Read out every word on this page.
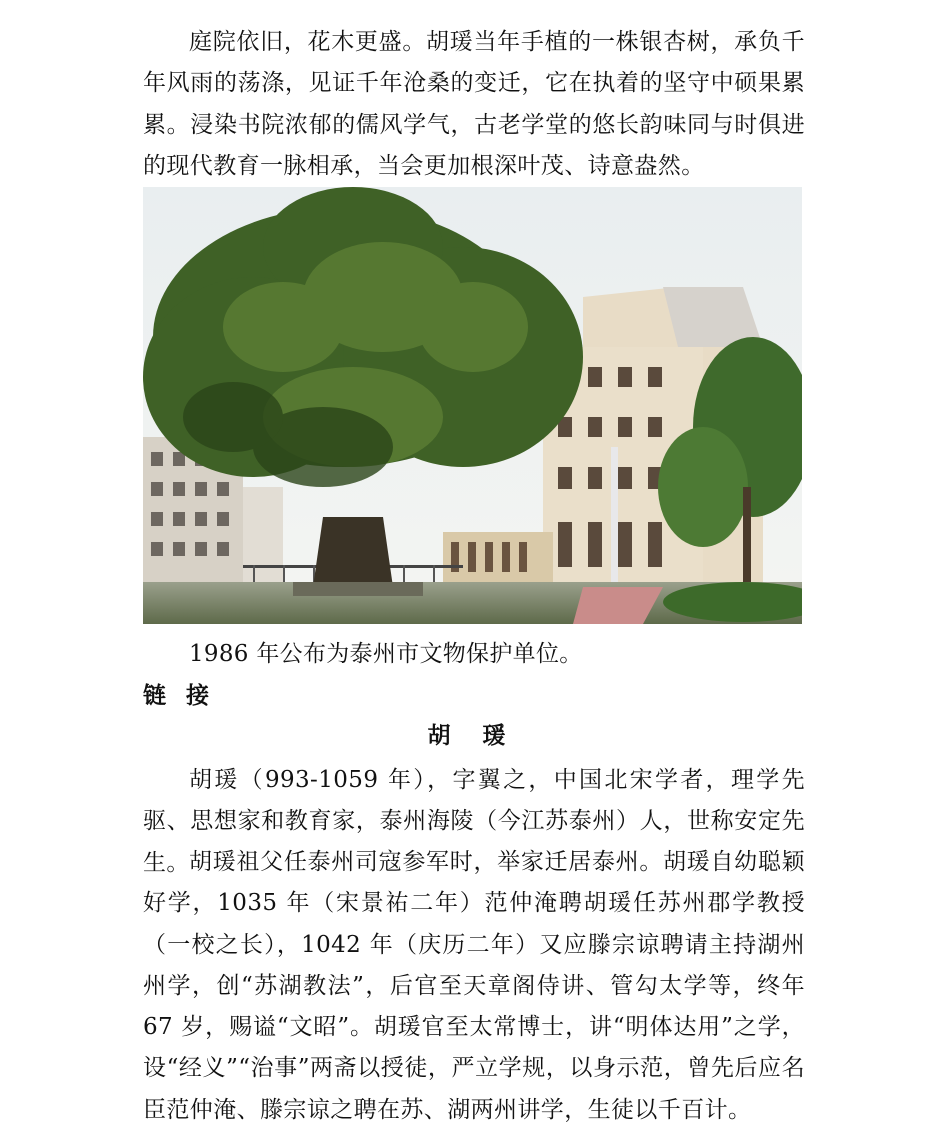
庭院依旧，花木更盛。胡瑗当年手植的一株银杏树，承负千年风雨的荡涤，见证千年沧桑的变迁，它在执着的坚守中硕果累累。浸染书院浓郁的儒风学气，古老学堂的悠长韵味同与时俱进的现代教育一脉相承，当会更加根深叶茂、诗意盎然。

1986 年公布为泰州市文物保护单位。

链 接
胡 瑗

胡瑗（993-1059 年），字翼之，中国北宋学者，理学先驱、思想家和教育家，泰州海陵（今江苏泰州）人，世称安定先生。 胡瑗祖父任泰州司寇参军时，举家迁居泰州。胡瑗自幼聪颖好学，1035 年（宋景祐二年）范仲淹聘胡瑗任苏州郡学教授（一校之长），1042 年（庆历二年）又应滕宗谅聘请主持湖州州学，创“苏湖教法”，后官至天章阁侍讲、管勾太学等，终年 67 岁，赐谥“文昭”。胡瑗官至太常博士，讲“明体达用”之学，设“经义”“治事”两斋以授徒，严立学规，以身示范，曾先后应名臣范仲淹、滕宗谅之聘在苏、湖两州讲学，生徒以千百计。
